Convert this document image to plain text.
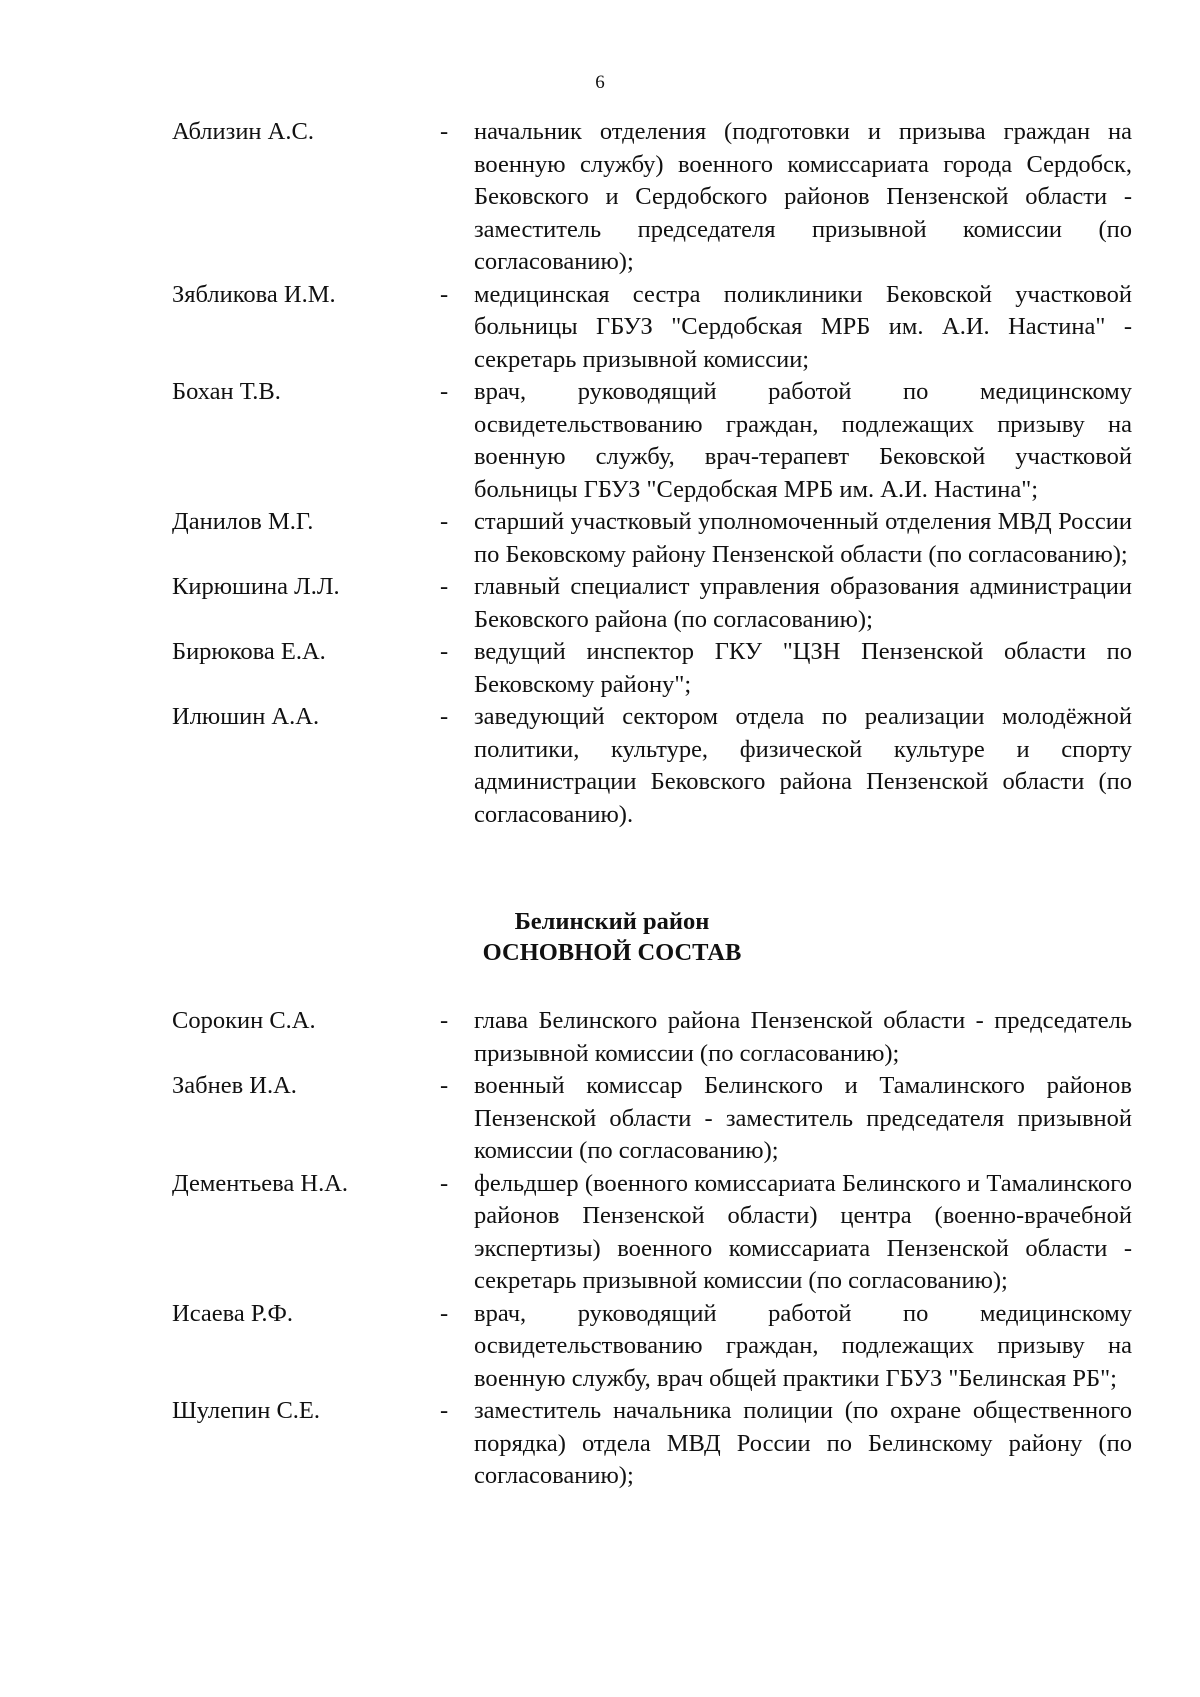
6
Аблизин А.С.	-	начальник отделения (подготовки и призыва граждан на военную службу) военного комиссариата города Сердобск, Бековского и Сердобского районов Пензенской области - заместитель председателя призывной комиссии (по согласованию);
Зябликова И.М.	-	медицинская сестра поликлиники Бековской участковой больницы ГБУЗ "Сердобская МРБ им. А.И. Настина" - секретарь призывной комиссии;
Бохан Т.В.	-	врач, руководящий работой по медицинскому освидетельствованию граждан, подлежащих призыву на военную службу, врач-терапевт Бековской участковой больницы ГБУЗ "Сердобская МРБ им. А.И. Настина";
Данилов М.Г.	-	старший участковый уполномоченный отделения МВД России по Бековскому району Пензенской области (по согласованию);
Кирюшина Л.Л.	-	главный специалист управления образования администрации Бековского района (по согласованию);
Бирюкова Е.А.	-	ведущий инспектор ГКУ "ЦЗН Пензенской области по Бековскому району";
Илюшин А.А.	-	заведующий сектором отдела по реализации молодёжной политики, культуре, физической культуре и спорту администрации Бековского района Пензенской области (по согласованию).
Белинский район
ОСНОВНОЙ СОСТАВ
Сорокин С.А.	-	глава Белинского района Пензенской области - председатель призывной комиссии (по согласованию);
Забнев И.А.	-	военный комиссар Белинского и Тамалинского районов Пензенской области - заместитель председателя призывной комиссии (по согласованию);
Дементьева Н.А.	-	фельдшер (военного комиссариата Белинского и Тамалинского районов Пензенской области) центра (военно-врачебной экспертизы) военного комиссариата Пензенской области - секретарь призывной комиссии (по согласованию);
Исаева Р.Ф.	-	врач, руководящий работой по медицинскому освидетельствованию граждан, подлежащих призыву на военную службу, врач общей практики ГБУЗ "Белинская РБ";
Шулепин С.Е.	-	заместитель начальника полиции (по охране общественного порядка) отдела МВД России по Белинскому району (по согласованию);
